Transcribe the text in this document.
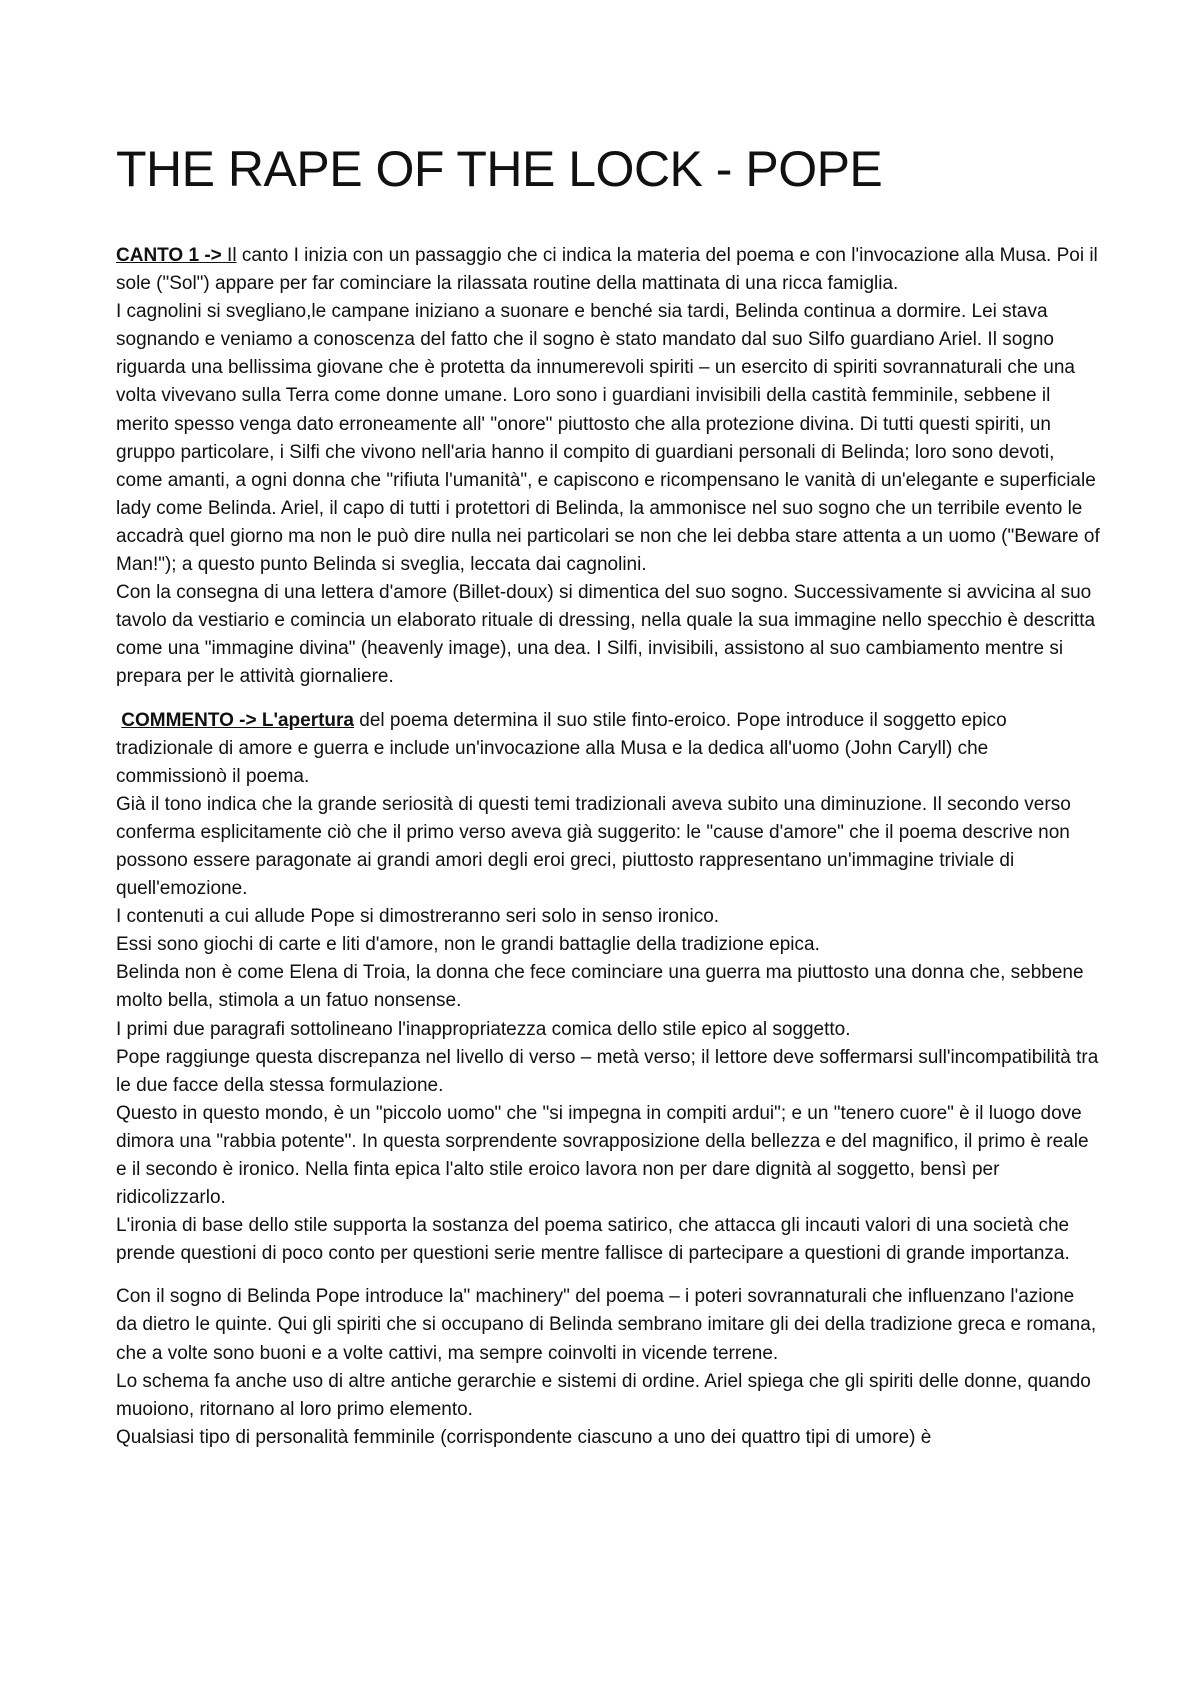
THE RAPE OF THE LOCK - POPE

CANTO 1 -> Il canto I inizia con un passaggio che ci indica la materia del poema e con l'invocazione alla Musa. Poi il sole ("Sol") appare per far cominciare la rilassata routine della mattinata di una ricca famiglia.

I cagnolini si svegliano,le campane iniziano a suonare e benché sia tardi, Belinda continua a dormire. Lei stava sognando e veniamo a conoscenza del fatto che il sogno è stato mandato dal suo Silfo guardiano Ariel. Il sogno riguarda una bellissima giovane che è protetta da innumerevoli spiriti – un esercito di spiriti sovrannaturali che una volta vivevano sulla Terra come donne umane. Loro sono i guardiani invisibili della castità femminile, sebbene il merito spesso venga dato erroneamente all' "onore" piuttosto che alla protezione divina. Di tutti questi spiriti, un gruppo particolare, i Silfi che vivono nell'aria hanno il compito di guardiani personali di Belinda; loro sono devoti, come amanti, a ogni donna che "rifiuta l'umanità", e capiscono e ricompensano le vanità di un'elegante e superficiale lady come Belinda. Ariel, il capo di tutti i protettori di Belinda, la ammonisce nel suo sogno che un terribile evento le accadrà quel giorno ma non le può dire nulla nei particolari se non che lei debba stare attenta a un uomo ("Beware of Man!"); a questo punto Belinda si sveglia, leccata dai cagnolini.

Con la consegna di una lettera d'amore (Billet-doux) si dimentica del suo sogno. Successivamente si avvicina al suo tavolo da vestiario e comincia un elaborato rituale di dressing, nella quale la sua immagine nello specchio è descritta come una "immagine divina" (heavenly image), una dea. I Silfi, invisibili, assistono al suo cambiamento mentre si prepara per le attività giornaliere.

COMMENTO -> L'apertura del poema determina il suo stile finto-eroico. Pope introduce il soggetto epico tradizionale di amore e guerra e include un'invocazione alla Musa e la dedica all'uomo (John Caryll) che commissionò il poema.

Già il tono indica che la grande seriosità di questi temi tradizionali aveva subito una diminuzione. Il secondo verso conferma esplicitamente ciò che il primo verso aveva già suggerito: le "cause d'amore" che il poema descrive non possono essere paragonate ai grandi amori degli eroi greci, piuttosto rappresentano un'immagine triviale di quell'emozione.

I contenuti a cui allude Pope si dimostreranno seri solo in senso ironico.

Essi sono giochi di carte e liti d'amore, non le grandi battaglie della tradizione epica.

Belinda non è come Elena di Troia, la donna che fece cominciare una guerra ma piuttosto una donna che, sebbene molto bella, stimola a un fatuo nonsense.

I primi due paragrafi sottolineano l'inappropriatezza comica dello stile epico al soggetto.

Pope raggiunge questa discrepanza nel livello di verso – metà verso; il lettore deve soffermarsi sull'incompatibilità tra le due facce della stessa formulazione.

Questo in questo mondo, è un "piccolo uomo" che "si impegna in compiti ardui"; e un "tenero cuore" è il luogo dove dimora una "rabbia potente". In questa sorprendente sovrapposizione della bellezza e del magnifico, il primo è reale e il secondo è ironico. Nella finta epica l'alto stile eroico lavora non per dare dignità al soggetto, bensì per ridicolizzarlo.

L'ironia di base dello stile supporta la sostanza del poema satirico, che attacca gli incauti valori di una società che prende questioni di poco conto per questioni serie mentre fallisce di partecipare a questioni di grande importanza.

Con il sogno di Belinda Pope introduce la" machinery" del poema – i poteri sovrannaturali che influenzano l'azione da dietro le quinte. Qui gli spiriti che si occupano di Belinda sembrano imitare gli dei della tradizione greca e romana, che a volte sono buoni e a volte cattivi, ma sempre coinvolti in vicende terrene.

Lo schema fa anche uso di altre antiche gerarchie e sistemi di ordine. Ariel spiega che gli spiriti delle donne, quando muoiono, ritornano al loro primo elemento.

Qualsiasi tipo di personalità femminile (corrispondente ciascuno a uno dei quattro tipi di umore) è
